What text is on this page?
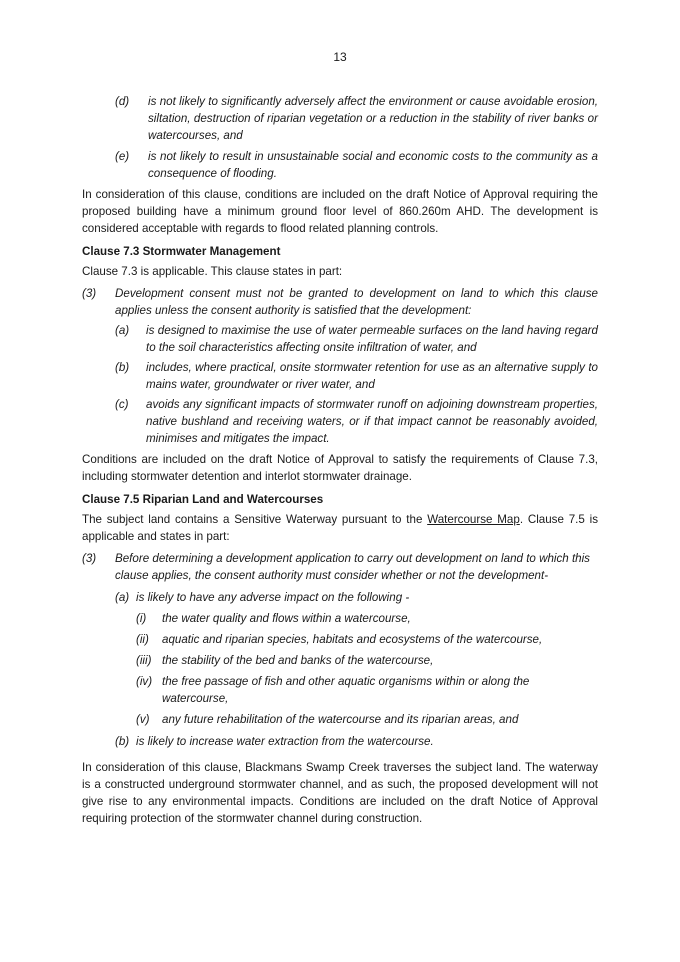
13
(d)	is not likely to significantly adversely affect the environment or cause avoidable erosion, siltation, destruction of riparian vegetation or a reduction in the stability of river banks or watercourses, and
(e)	is not likely to result in unsustainable social and economic costs to the community as a consequence of flooding.

In consideration of this clause, conditions are included on the draft Notice of Approval requiring the proposed building have a minimum ground floor level of 860.260m AHD. The development is considered acceptable with regards to flood related planning controls.

Clause 7.3 Stormwater Management

Clause 7.3 is applicable. This clause states in part:

(3)	Development consent must not be granted to development on land to which this clause applies unless the consent authority is satisfied that the development:
(a)	is designed to maximise the use of water permeable surfaces on the land having regard to the soil characteristics affecting onsite infiltration of water, and
(b)	includes, where practical, onsite stormwater retention for use as an alternative supply to mains water, groundwater or river water, and
(c)	avoids any significant impacts of stormwater runoff on adjoining downstream properties, native bushland and receiving waters, or if that impact cannot be reasonably avoided, minimises and mitigates the impact.

Conditions are included on the draft Notice of Approval to satisfy the requirements of Clause 7.3, including stormwater detention and interlot stormwater drainage.

Clause 7.5 Riparian Land and Watercourses

The subject land contains a Sensitive Waterway pursuant to the Watercourse Map. Clause 7.5 is applicable and states in part:

(3)	Before determining a development application to carry out development on land to which this clause applies, the consent authority must consider whether or not the development-
(a) is likely to have any adverse impact on the following -
(i)	the water quality and flows within a watercourse,
(ii)	aquatic and riparian species, habitats and ecosystems of the watercourse,
(iii) the stability of the bed and banks of the watercourse,
(iv) the free passage of fish and other aquatic organisms within or along the watercourse,
(v)	any future rehabilitation of the watercourse and its riparian areas, and
(b) is likely to increase water extraction from the watercourse.

In consideration of this clause, Blackmans Swamp Creek traverses the subject land. The waterway is a constructed underground stormwater channel, and as such, the proposed development will not give rise to any environmental impacts. Conditions are included on the draft Notice of Approval requiring protection of the stormwater channel during construction.
